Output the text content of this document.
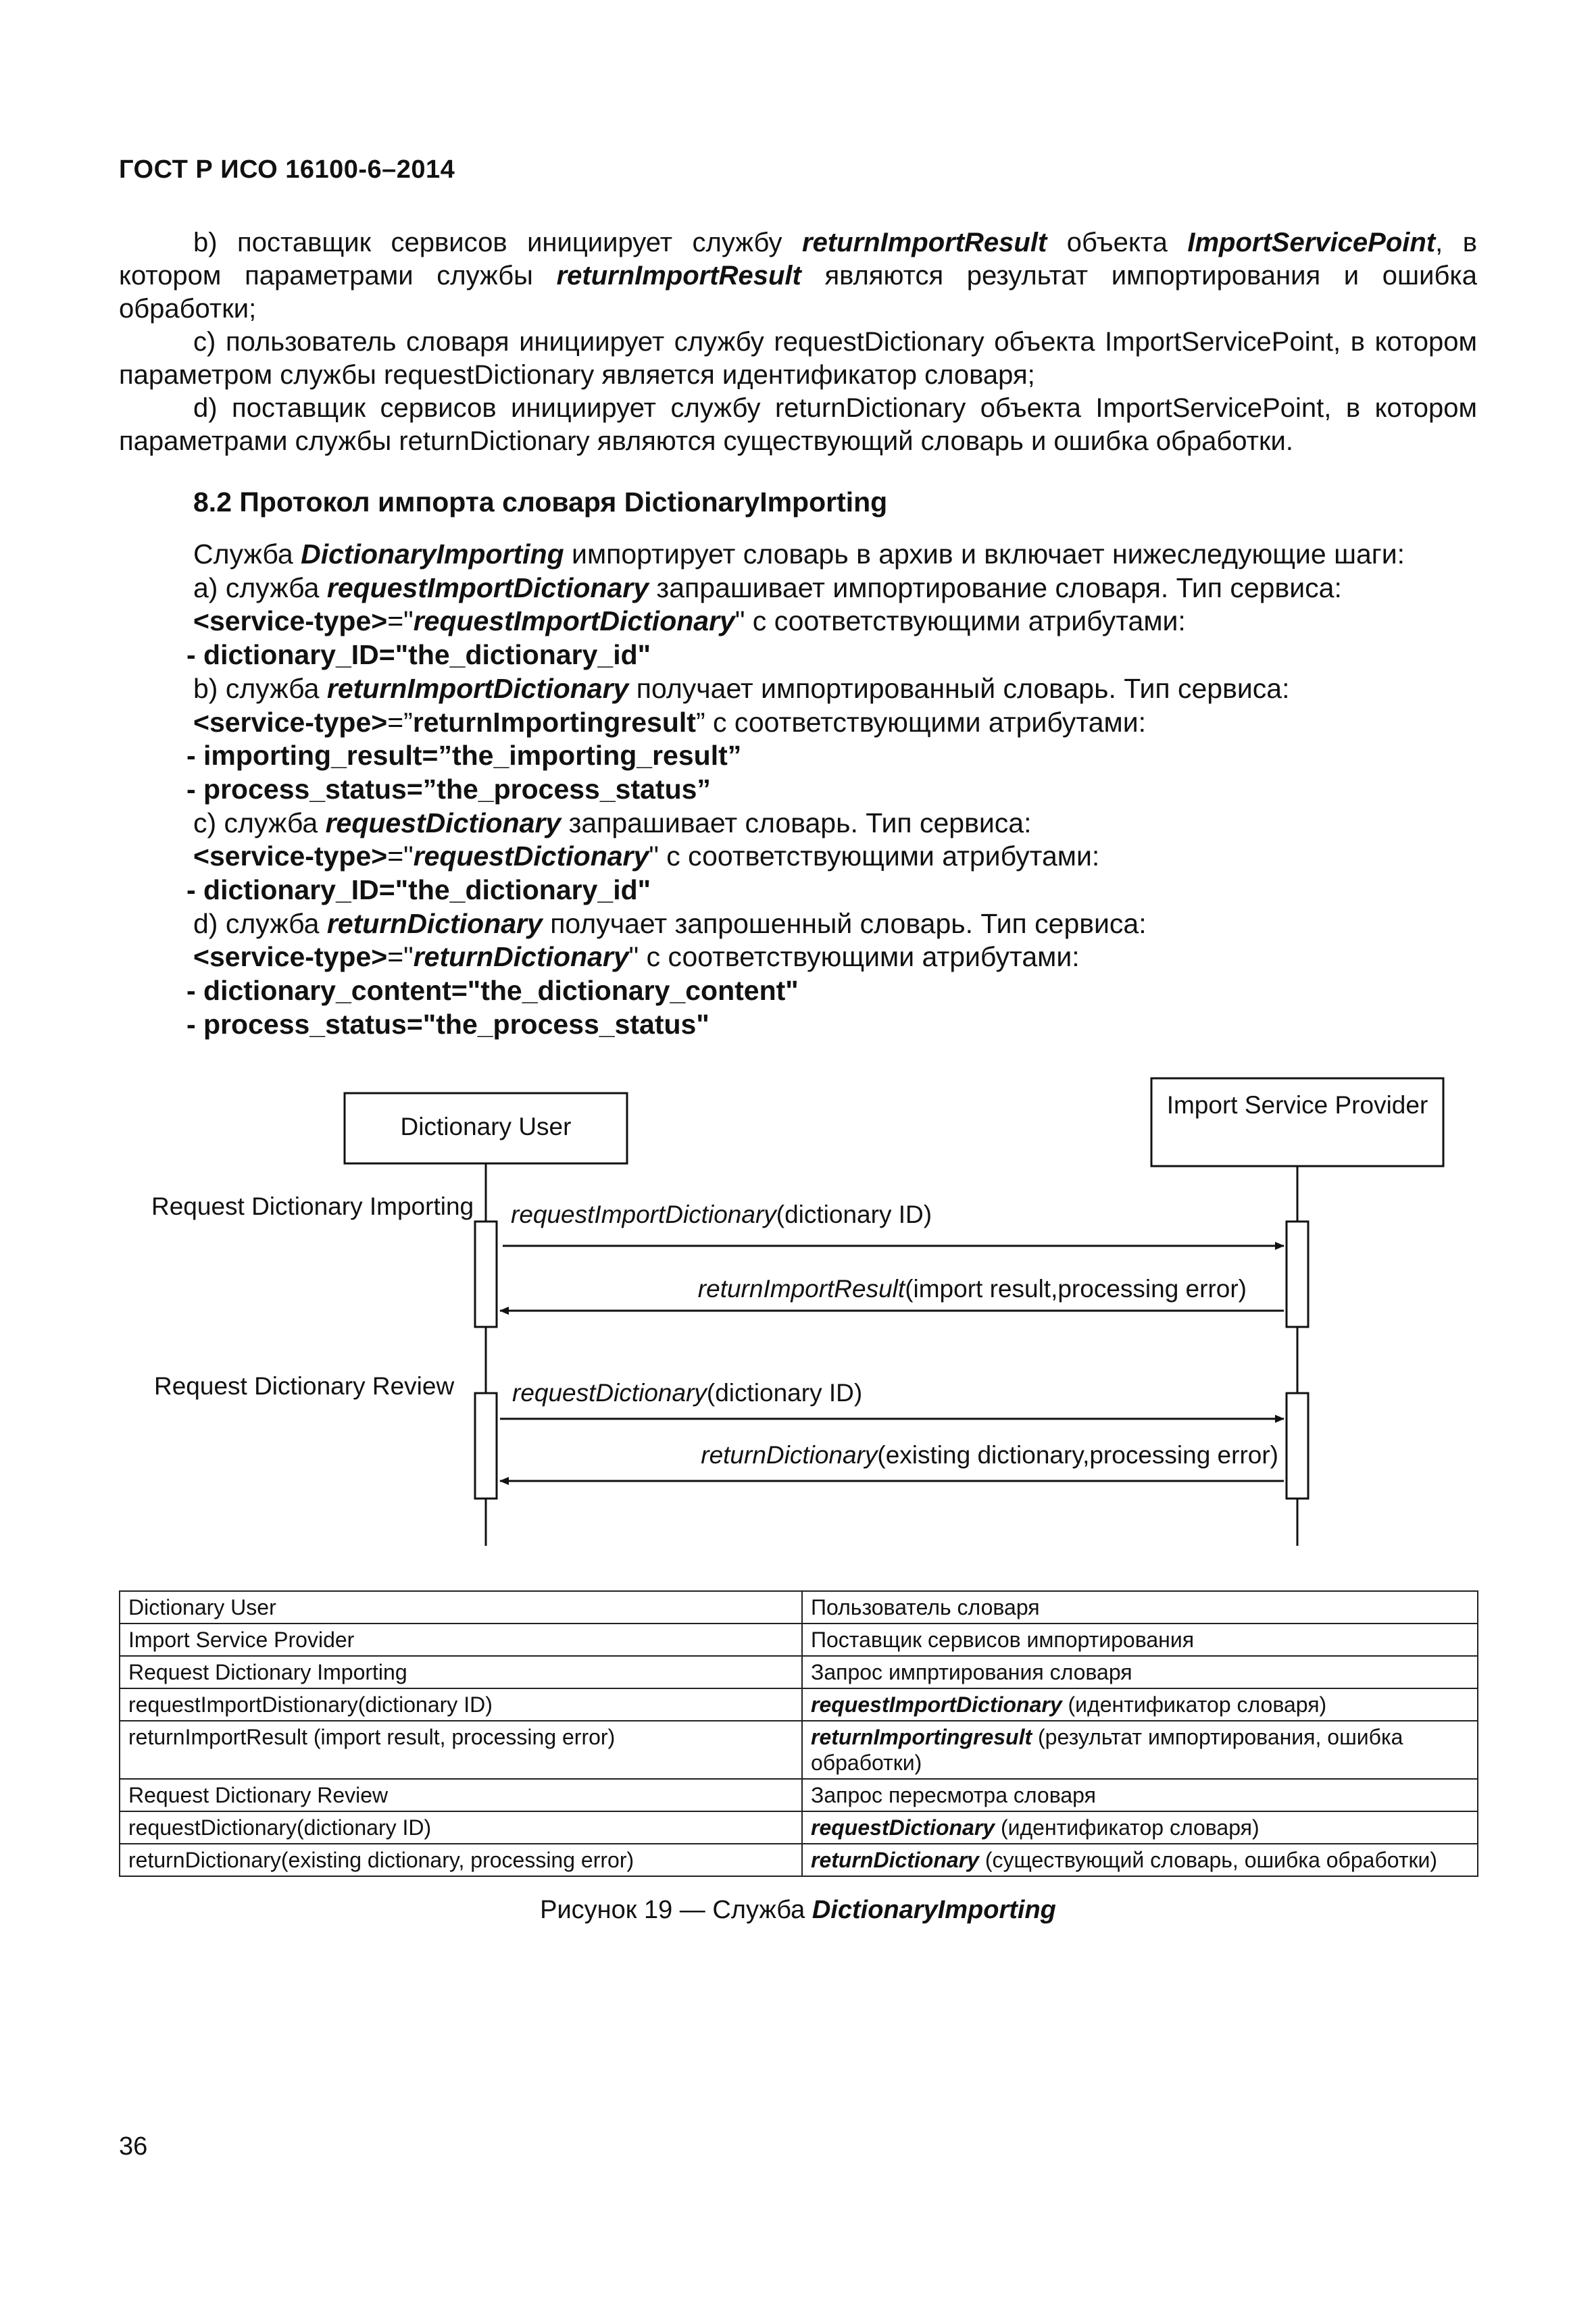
ГОСТ Р ИСО 16100-6–2014

b) поставщик сервисов инициирует службу returnImportResult объекта ImportServicePoint, в котором параметрами службы returnImportResult являются результат импортирования и ошибка обработки;

c) пользователь словаря инициирует службу requestDictionary объекта ImportServicePoint, в котором параметром службы requestDictionary является идентификатор словаря;

d) поставщик сервисов инициирует службу returnDictionary объекта ImportServicePoint, в котором параметрами службы returnDictionary являются существующий словарь и ошибка обработки.

8.2 Протокол импорта словаря DictionaryImporting
Служба DictionaryImporting импортирует словарь в архив и включает нижеследующие шаги:
a) служба requestImportDictionary запрашивает импортирование словаря. Тип сервиса:
<service-type>="requestImportDictionary" с соответствующими атрибутами:
- dictionary_ID="the_dictionary_id"
b) служба returnImportDictionary получает импортированный словарь. Тип сервиса:
<service-type>=”returnImportingresult” с соответствующими атрибутами:
- importing_result=”the_importing_result”
- process_status=”the_process_status”
c) служба requestDictionary запрашивает словарь. Тип сервиса:
<service-type>="requestDictionary" с соответствующими атрибутами:
- dictionary_ID="the_dictionary_id"
d) служба returnDictionary получает запрошенный словарь. Тип сервиса:
<service-type>="returnDictionary" с соответствующими атрибутами:
- dictionary_content="the_dictionary_content"
- process_status="the_process_status"
Dictionary User
Import Service Provider
Request Dictionary Importing
Request Dictionary Review
requestImportDictionary(dictionary ID)
returnImportResult(import result,processing error)
requestDictionary(dictionary ID)
returnDictionary(existing dictionary,processing error)
Dictionary User	Пользователь словаря
Import Service Provider	Поставщик сервисов импортирования
Request Dictionary Importing	Запрос импртирования словаря
requestImportDistionary(dictionary ID)	requestImportDictionary (идентификатор словаря)
returnImportResult (import result, processing error)	returnImportingresult (результат импортирования, ошибка обработки)
Request Dictionary Review	Запрос пересмотра словаря
requestDictionary(dictionary ID)	requestDictionary (идентификатор словаря)
returnDictionary(existing dictionary, processing error)	returnDictionary (существующий словарь, ошибка обработки)
Рисунок 19 — Служба DictionaryImporting
36
